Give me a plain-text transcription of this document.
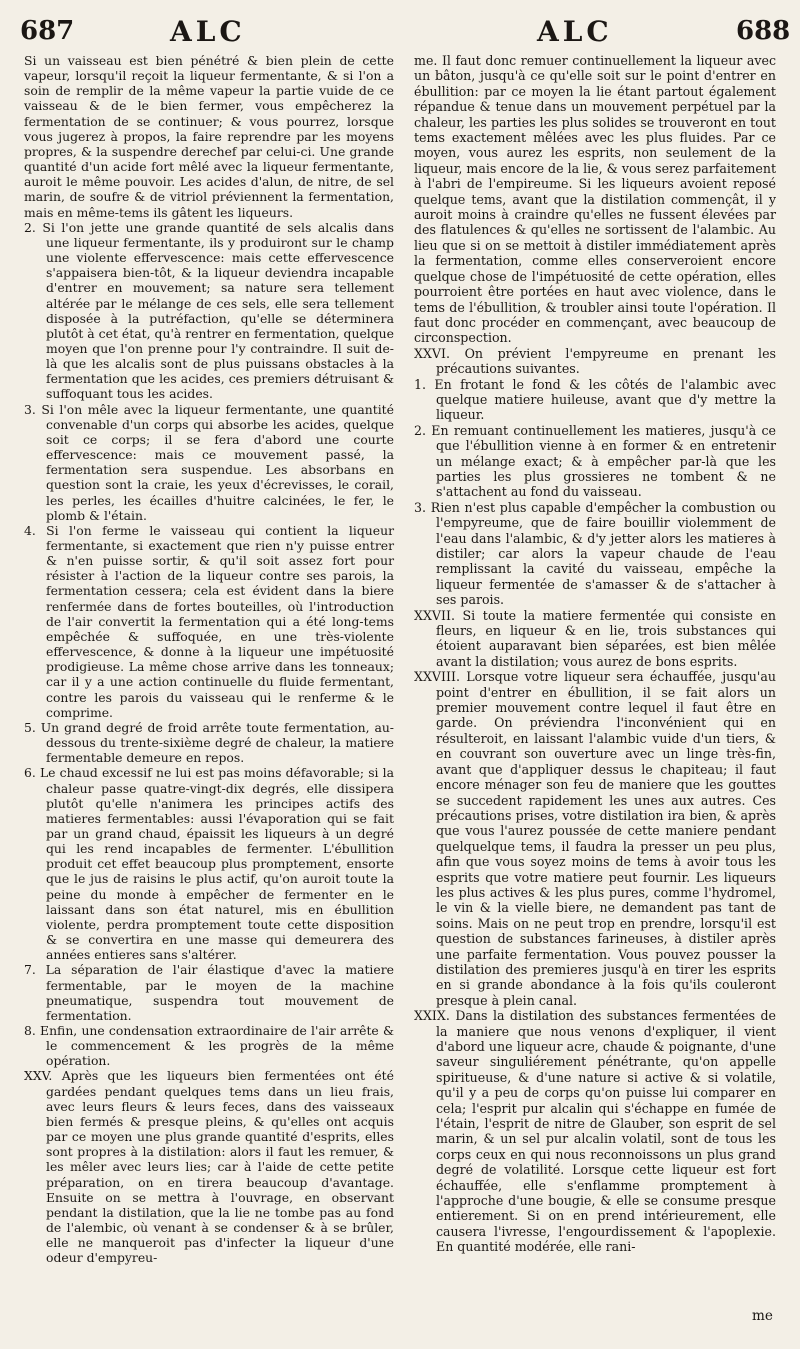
687	ALC	ALC	688

Si un vaisseau est bien pénétré & bien plein de cette vapeur, lorsqu'il reçoit la liqueur fermentante, & si l'on a soin de remplir de la même vapeur la partie vuide de ce vaisseau & de le bien fermer, vous empêcherez la fermentation de se continuer; & vous pourrez, lorsque vous jugerez à propos, la faire reprendre par les moyens propres, & la suspendre derechef par celui-ci. Une grande quantité d'un acide fort mêlé avec la liqueur fermentante, auroit le même pouvoir. Les acides d'alun, de nitre, de sel marin, de soufre & de vitriol préviennent la fermentation, mais en même-tems ils gâtent les liqueurs.

2. Si l'on jette une grande quantité de sels alcalis dans une liqueur fermentante, ils y produiront sur le champ une violente effervescence: mais cette effervescence s'appaisera bien-tôt, & la liqueur deviendra incapable d'entrer en mouvement; sa nature sera tellement altérée par le mélange de ces sels, elle sera tellement disposée à la putréfaction, qu'elle se déterminera plutôt à cet état, qu'à rentrer en fermentation, quelque moyen que l'on prenne pour l'y contraindre. Il suit de-là que les alcalis sont de plus puissans obstacles à la fermentation que les acides, ces premiers détruisant & suffoquant tous les acides.

3. Si l'on mêle avec la liqueur fermentante, une quantité convenable d'un corps qui absorbe les acides, quelque soit ce corps; il se fera d'abord une courte effervescence: mais ce mouvement passé, la fermentation sera suspendue. Les absorbans en question sont la craie, les yeux d'écrevisses, le corail, les perles, les écailles d'huitre calcinées, le fer, le plomb & l'étain.

4. Si l'on ferme le vaisseau qui contient la liqueur fermentante, si exactement que rien n'y puisse entrer & n'en puisse sortir, & qu'il soit assez fort pour résister à l'action de la liqueur contre ses parois, la fermentation cessera; cela est évident dans la biere renfermée dans de fortes bouteilles, où l'introduction de l'air convertit la fermentation qui a été long-tems empêchée & suffoquée, en une très-violente effervescence, & donne à la liqueur une impétuosité prodigieuse. La même chose arrive dans les tonneaux; car il y a une action continuelle du fluide fermentant, contre les parois du vaisseau qui le renferme & le comprime.

5. Un grand degré de froid arrête toute fermentation, au-dessous du trente-sixième degré de chaleur, la matiere fermentable demeure en repos.

6. Le chaud excessif ne lui est pas moins défavorable; si la chaleur passe quatre-vingt-dix degrés, elle dissipera plutôt qu'elle n'animera les principes actifs des matieres fermentables: aussi l'évaporation qui se fait par un grand chaud, épaissit les liqueurs à un degré qui les rend incapables de fermenter. L'ébullition produit cet effet beaucoup plus promptement, ensorte que le jus de raisins le plus actif, qu'on auroit toute la peine du monde à empêcher de fermenter en le laissant dans son état naturel, mis en ébullition violente, perdra promptement toute cette disposition & se convertira en une masse qui demeurera des années entieres sans s'altérer.

7. La séparation de l'air élastique d'avec la matiere fermentable, par le moyen de la machine pneumatique, suspendra tout mouvement de fermentation.

8. Enfin, une condensation extraordinaire de l'air arrête & le commencement & les progrès de la même opération.

XXV. Après que les liqueurs bien fermentées ont été gardées pendant quelques tems dans un lieu frais, avec leurs fleurs & leurs feces, dans des vaisseaux bien fermés & presque pleins, & qu'elles ont acquis par ce moyen une plus grande quantité d'esprits, elles sont propres à la distilation: alors il faut les remuer, & les mêler avec leurs lies; car à l'aide de cette petite préparation, on en tirera beaucoup d'avantage. Ensuite on se mettra à l'ouvrage, en observant pendant la distilation, que la lie ne tombe pas au fond de l'alembic, où venant à se condenser & à se brûler, elle ne manqueroit pas d'infecter la liqueur d'une odeur d'empyreu-

me. Il faut donc remuer continuellement la liqueur avec un bâton, jusqu'à ce qu'elle soit sur le point d'entrer en ébullition: par ce moyen la lie étant partout également répandue & tenue dans un mouvement perpétuel par la chaleur, les parties les plus solides se trouveront en tout tems exactement mêlées avec les plus fluides. Par ce moyen, vous aurez les esprits, non seulement de la liqueur, mais encore de la lie, & vous serez parfaitement à l'abri de l'empireume. Si les liqueurs avoient reposé quelque tems, avant que la distilation commençât, il y auroit moins à craindre qu'elles ne fussent élevées par des flatulences & qu'elles ne sortissent de l'alambic. Au lieu que si on se mettoit à distiler immédiatement après la fermentation, comme elles conserveroient encore quelque chose de l'impétuosité de cette opération, elles pourroient être portées en haut avec violence, dans le tems de l'ébullition, & troubler ainsi toute l'opération. Il faut donc procéder en commençant, avec beaucoup de circonspection.

XXVI. On prévient l'empyreume en prenant les précautions suivantes.

1. En frotant le fond & les côtés de l'alambic avec quelque matiere huileuse, avant que d'y mettre la liqueur.

2. En remuant continuellement les matieres, jusqu'à ce que l'ébullition vienne à en former & en entretenir un mélange exact; & à empêcher par-là que les parties les plus grossieres ne tombent & ne s'attachent au fond du vaisseau.

3. Rien n'est plus capable d'empêcher la combustion ou l'empyreume, que de faire bouillir violemment de l'eau dans l'alambic, & d'y jetter alors les matieres à distiler; car alors la vapeur chaude de l'eau remplissant la cavité du vaisseau, empêche la liqueur fermentée de s'amasser & de s'attacher à ses parois.

XXVII. Si toute la matiere fermentée qui consiste en fleurs, en liqueur & en lie, trois substances qui étoient auparavant bien séparées, est bien mêlée avant la distilation; vous aurez de bons esprits.

XXVIII. Lorsque votre liqueur sera échauffée, jusqu'au point d'entrer en ébullition, il se fait alors un premier mouvement contre lequel il faut être en garde. On préviendra l'inconvénient qui en résulteroit, en laissant l'alambic vuide d'un tiers, & en couvrant son ouverture avec un linge très-fin, avant que d'appliquer dessus le chapiteau; il faut encore ménager son feu de maniere que les gouttes se succedent rapidement les unes aux autres. Ces précautions prises, votre distilation ira bien, & après que vous l'aurez poussée de cette maniere pendant quelquelque tems, il faudra la presser un peu plus, afin que vous soyez moins de tems à avoir tous les esprits que votre matiere peut fournir. Les liqueurs les plus actives & les plus pures, comme l'hydromel, le vin & la vielle biere, ne demandent pas tant de soins. Mais on ne peut trop en prendre, lorsqu'il est question de substances farineuses, à distiler après une parfaite fermentation. Vous pouvez pousser la distilation des premieres jusqu'à en tirer les esprits en si grande abondance à la fois qu'ils couleront presque à plein canal.

XXIX. Dans la distilation des substances fermentées de la maniere que nous venons d'expliquer, il vient d'abord une liqueur acre, chaude & poignante, d'une saveur singuliérement pénétrante, qu'on appelle spiritueuse, & d'une nature si active & si volatile, qu'il y a peu de corps qu'on puisse lui comparer en cela; l'esprit pur alcalin qui s'échappe en fumée de l'étain, l'esprit de nitre de Glauber, son esprit de sel marin, & un sel pur alcalin volatil, sont de tous les corps ceux en qui nous reconnoissons un plus grand degré de volatilité. Lorsque cette liqueur est fort échauffée, elle s'enflamme promptement à l'approche d'une bougie, & elle se consume presque entierement. Si on en prend intérieurement, elle causera l'ivresse, l'engourdissement & l'apoplexie. En quantité modérée, elle rani-

me
